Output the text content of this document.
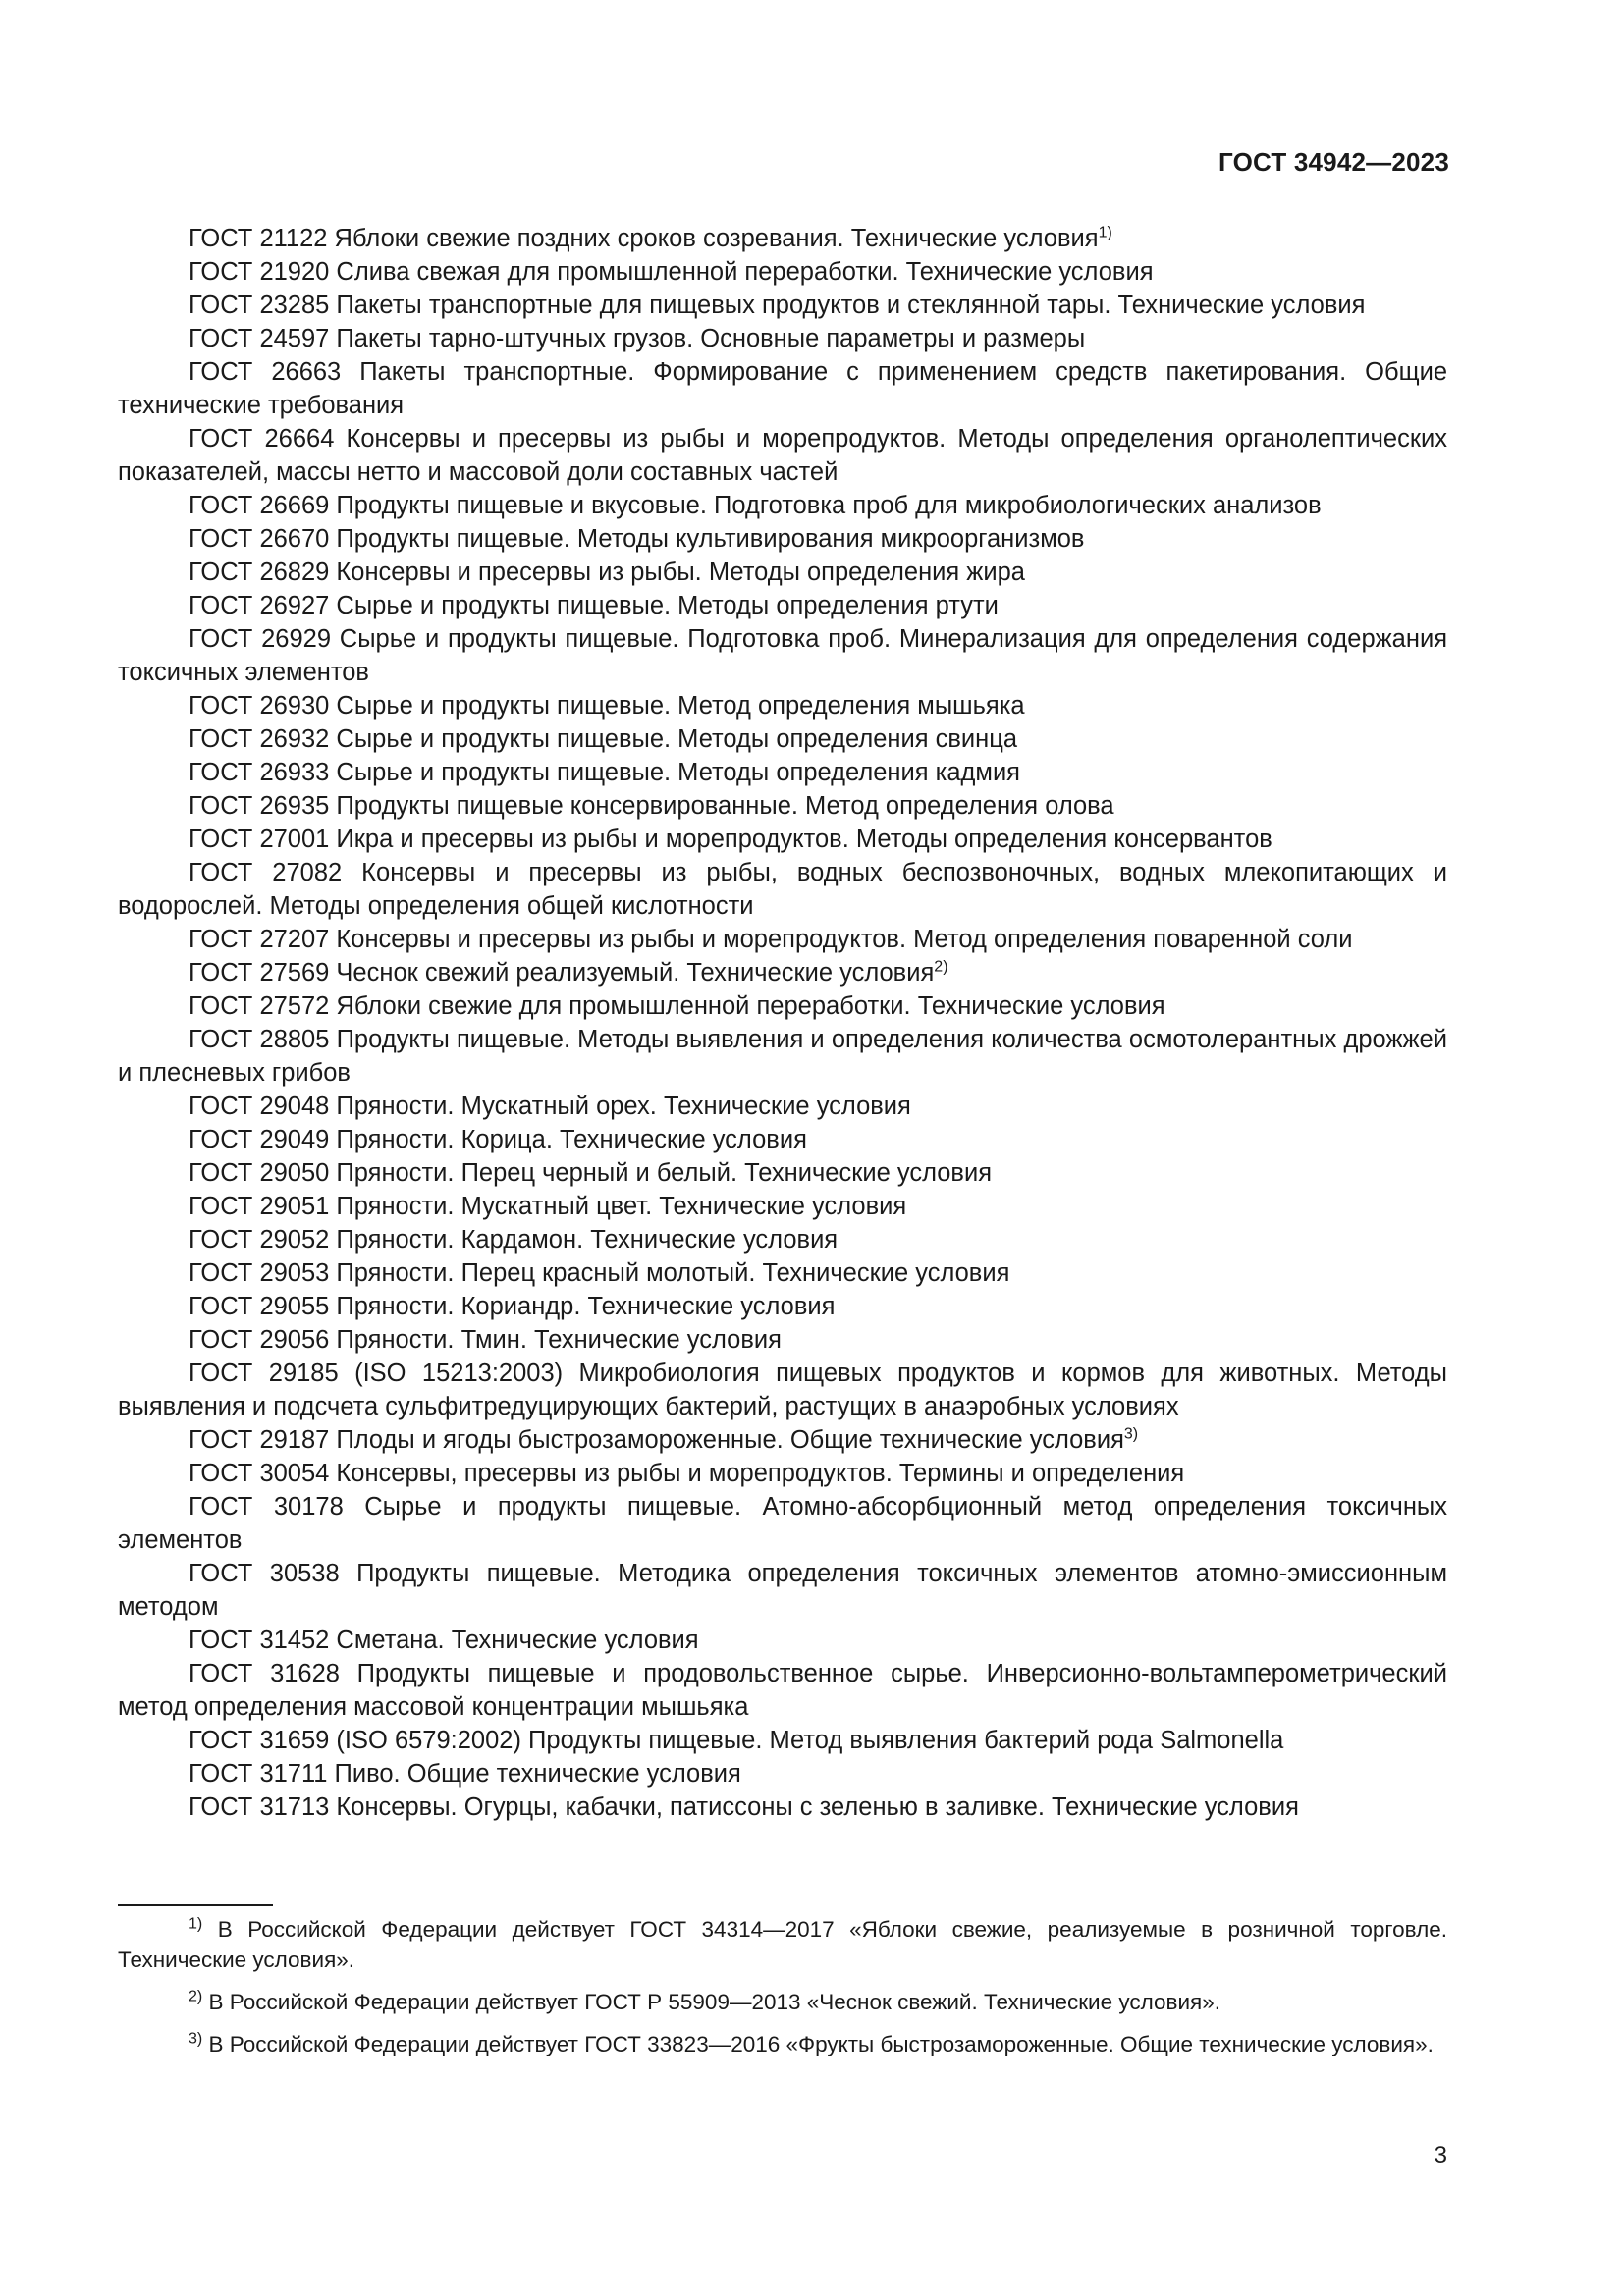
ГОСТ 34942—2023

ГОСТ 21122 Яблоки свежие поздних сроков созревания. Технические условия$^{1)}$

ГОСТ 21920 Слива свежая для промышленной переработки. Технические условия

ГОСТ 23285 Пакеты транспортные для пищевых продуктов и стеклянной тары. Технические условия

ГОСТ 24597 Пакеты тарно-штучных грузов. Основные параметры и размеры

ГОСТ 26663 Пакеты транспортные. Формирование с применением средств пакетирования. Общие технические требования

ГОСТ 26664 Консервы и пресервы из рыбы и морепродуктов. Методы определения органолептических показателей, массы нетто и массовой доли составных частей

ГОСТ 26669 Продукты пищевые и вкусовые. Подготовка проб для микробиологических анализов

ГОСТ 26670 Продукты пищевые. Методы культивирования микроорганизмов

ГОСТ 26829 Консервы и пресервы из рыбы. Методы определения жира

ГОСТ 26927 Сырье и продукты пищевые. Методы определения ртути

ГОСТ 26929 Сырье и продукты пищевые. Подготовка проб. Минерализация для определения содержания токсичных элементов

ГОСТ 26930 Сырье и продукты пищевые. Метод определения мышьяка

ГОСТ 26932 Сырье и продукты пищевые. Методы определения свинца

ГОСТ 26933 Сырье и продукты пищевые. Методы определения кадмия

ГОСТ 26935 Продукты пищевые консервированные. Метод определения олова

ГОСТ 27001 Икра и пресервы из рыбы и морепродуктов. Методы определения консервантов

ГОСТ 27082 Консервы и пресервы из рыбы, водных беспозвоночных, водных млекопитающих и водорослей. Методы определения общей кислотности

ГОСТ 27207 Консервы и пресервы из рыбы и морепродуктов. Метод определения поваренной соли

ГОСТ 27569 Чеснок свежий реализуемый. Технические условия$^{2)}$

ГОСТ 27572 Яблоки свежие для промышленной переработки. Технические условия

ГОСТ 28805 Продукты пищевые. Методы выявления и определения количества осмотолерантных дрожжей и плесневых грибов

ГОСТ 29048 Пряности. Мускатный орех. Технические условия

ГОСТ 29049 Пряности. Корица. Технические условия

ГОСТ 29050 Пряности. Перец черный и белый. Технические условия

ГОСТ 29051 Пряности. Мускатный цвет. Технические условия

ГОСТ 29052 Пряности. Кардамон. Технические условия

ГОСТ 29053 Пряности. Перец красный молотый. Технические условия

ГОСТ 29055 Пряности. Кориандр. Технические условия

ГОСТ 29056 Пряности. Тмин. Технические условия

ГОСТ 29185 (ISO 15213:2003) Микробиология пищевых продуктов и кормов для животных. Методы выявления и подсчета сульфитредуцирующих бактерий, растущих в анаэробных условиях

ГОСТ 29187 Плоды и ягоды быстрозамороженные. Общие технические условия$^{3)}$

ГОСТ 30054 Консервы, пресервы из рыбы и морепродуктов. Термины и определения

ГОСТ 30178 Сырье и продукты пищевые. Атомно-абсорбционный метод определения токсичных элементов

ГОСТ 30538 Продукты пищевые. Методика определения токсичных элементов атомно-эмиссионным методом

ГОСТ 31452 Сметана. Технические условия

ГОСТ 31628 Продукты пищевые и продовольственное сырье. Инверсионно-вольтамперометрический метод определения массовой концентрации мышьяка

ГОСТ 31659 (ISO 6579:2002) Продукты пищевые. Метод выявления бактерий рода Salmonella

ГОСТ 31711 Пиво. Общие технические условия

ГОСТ 31713 Консервы. Огурцы, кабачки, патиссоны с зеленью в заливке. Технические условия

$^{1)}$ В Российской Федерации действует ГОСТ 34314—2017 «Яблоки свежие, реализуемые в розничной торговле. Технические условия».

$^{2)}$ В Российской Федерации действует ГОСТ Р 55909—2013 «Чеснок свежий. Технические условия».

$^{3)}$ В Российской Федерации действует ГОСТ 33823—2016 «Фрукты быстрозамороженные. Общие технические условия».

3
